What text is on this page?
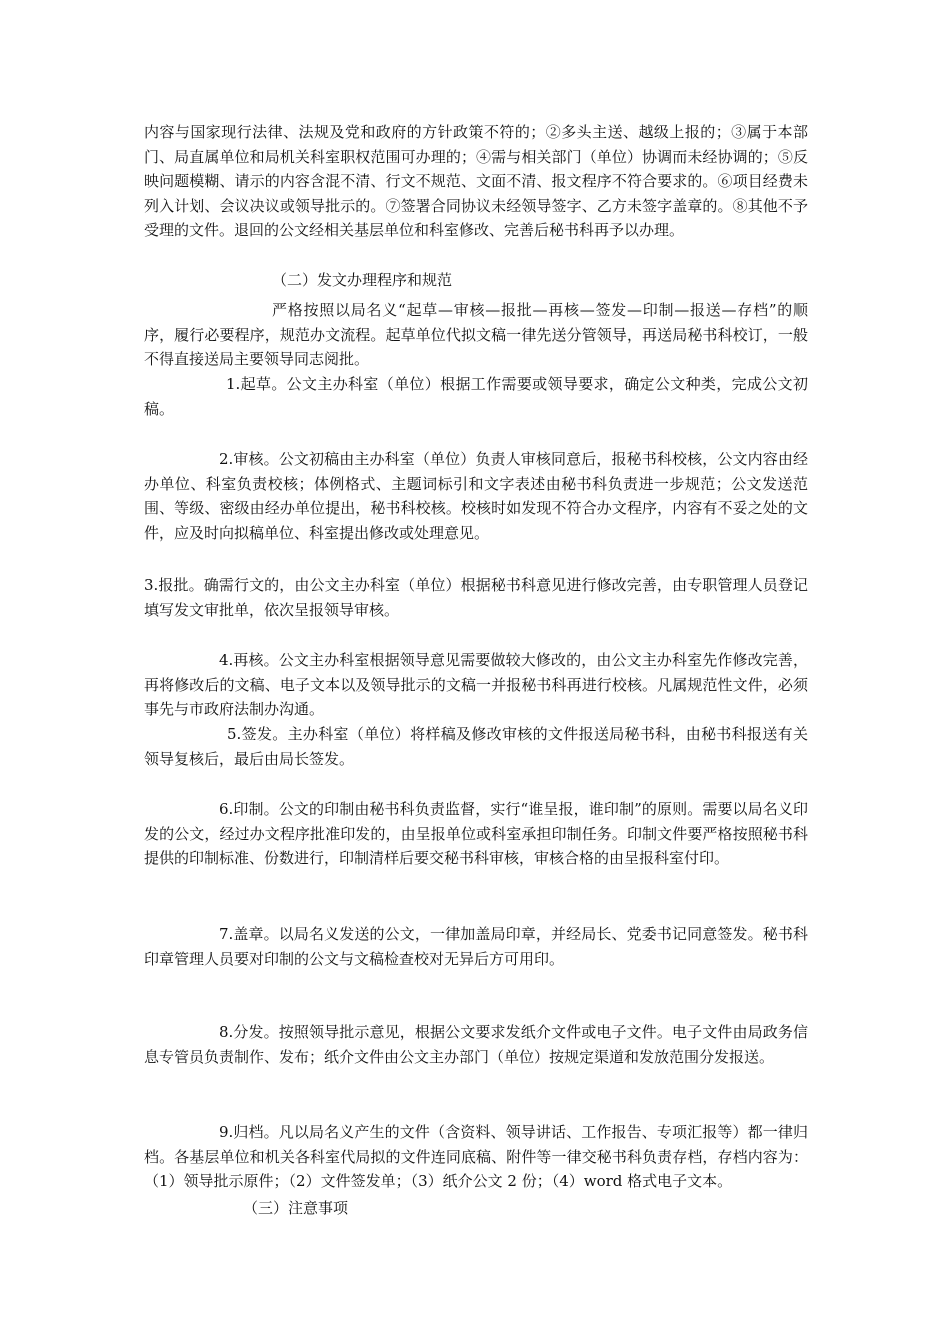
内容与国家现行法律、法规及党和政府的方针政策不符的；②多头主送、越级上报的；③属于本部门、局直属单位和局机关科室职权范围可办理的；④需与相关部门（单位）协调而未经协调的；⑤反映问题模糊、请示的内容含混不清、行文不规范、文面不清、报文程序不符合要求的。⑥项目经费未列入计划、会议决议或领导批示的。⑦签署合同协议未经领导签字、乙方未签字盖章的。⑧其他不予受理的文件。退回的公文经相关基层单位和科室修改、完善后秘书科再予以办理。

（二）发文办理程序和规范

严格按照以局名义“起草—审核—报批—再核—签发—印制—报送—存档”的顺序，履行必要程序，规范办文流程。起草单位代拟文稿一律先送分管领导，再送局秘书科校订，一般不得直接送局主要领导同志阅批。

1.起草。公文主办科室（单位）根据工作需要或领导要求，确定公文种类，完成公文初稿。

2.审核。公文初稿由主办科室（单位）负责人审核同意后，报秘书科校核，公文内容由经办单位、科室负责校核；体例格式、主题词标引和文字表述由秘书科负责进一步规范；公文发送范围、等级、密级由经办单位提出，秘书科校核。校核时如发现不符合办文程序，内容有不妥之处的文件，应及时向拟稿单位、科室提出修改或处理意见。

3.报批。确需行文的，由公文主办科室（单位）根据秘书科意见进行修改完善，由专职管理人员登记填写发文审批单，依次呈报领导审核。

4.再核。公文主办科室根据领导意见需要做较大修改的，由公文主办科室先作修改完善，再将修改后的文稿、电子文本以及领导批示的文稿一并报秘书科再进行校核。凡属规范性文件，必须事先与市政府法制办沟通。

5.签发。主办科室（单位）将样稿及修改审核的文件报送局秘书科，由秘书科报送有关领导复核后，最后由局长签发。

6.印制。公文的印制由秘书科负责监督，实行“谁呈报，谁印制”的原则。需要以局名义印发的公文，经过办文程序批准印发的，由呈报单位或科室承担印制任务。印制文件要严格按照秘书科提供的印制标准、份数进行，印制清样后要交秘书科审核，审核合格的由呈报科室付印。

7.盖章。以局名义发送的公文，一律加盖局印章，并经局长、党委书记同意签发。秘书科印章管理人员要对印制的公文与文稿检查校对无异后方可用印。

8.分发。按照领导批示意见，根据公文要求发纸介文件或电子文件。电子文件由局政务信息专管员负责制作、发布；纸介文件由公文主办部门（单位）按规定渠道和发放范围分发报送。

9.归档。凡以局名义产生的文件（含资料、领导讲话、工作报告、专项汇报等）都一律归档。各基层单位和机关各科室代局拟的文件连同底稿、附件等一律交秘书科负责存档，存档内容为：（1）领导批示原件；（2）文件签发单；（3）纸介公文 2 份；（4）word 格式电子文本。

（三）注意事项
